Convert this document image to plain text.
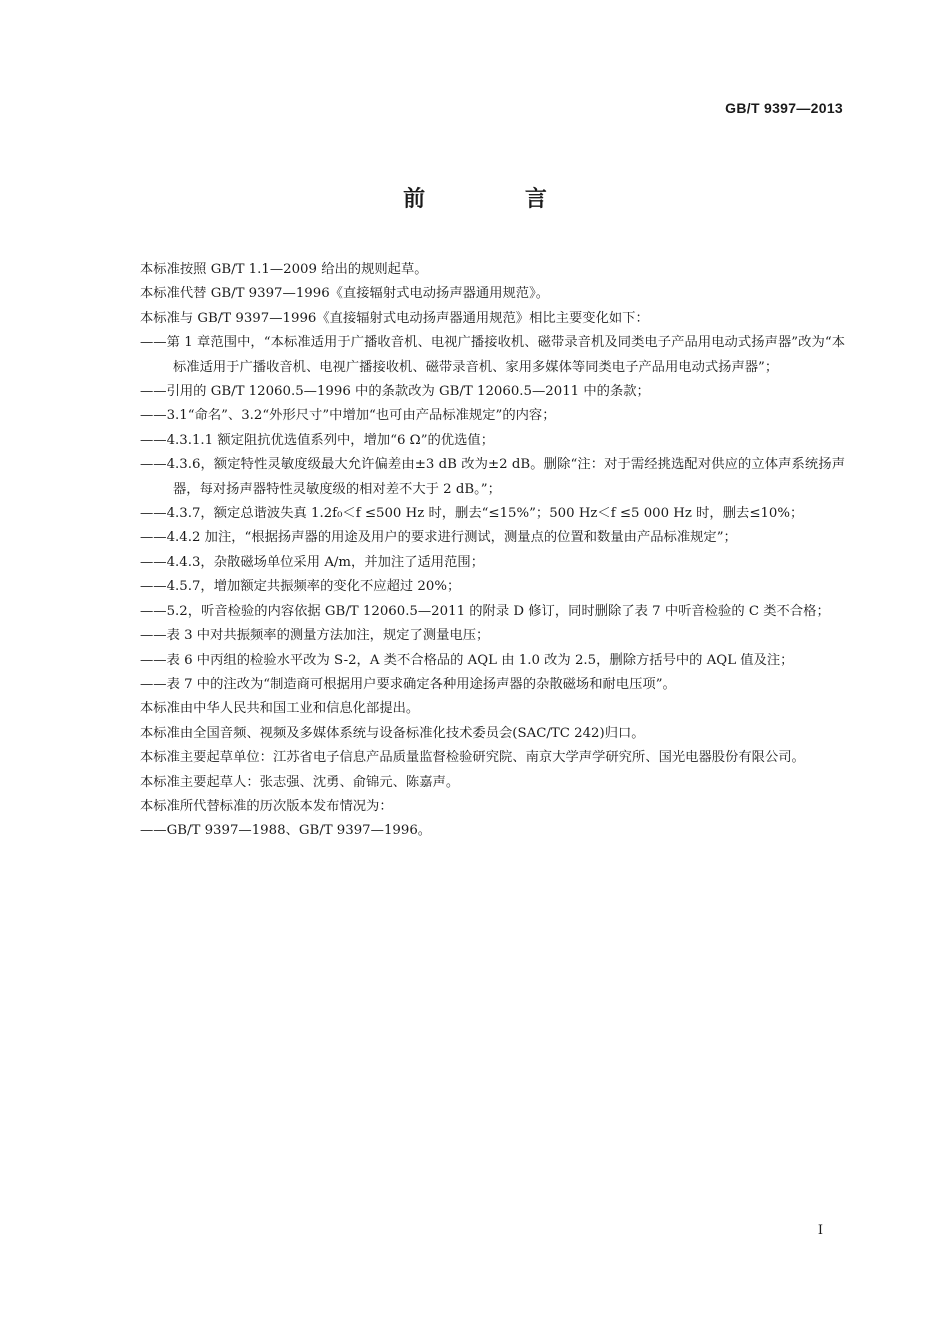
GB/T 9397—2013
前 言

本标准按照 GB/T 1.1—2009 给出的规则起草。

本标准代替 GB/T 9397—1996《直接辐射式电动扬声器通用规范》。

本标准与 GB/T 9397—1996《直接辐射式电动扬声器通用规范》相比主要变化如下：

——第 1 章范围中，“本标准适用于广播收音机、电视广播接收机、磁带录音机及同类电子产品用电动式扬声器”改为“本标准适用于广播收音机、电视广播接收机、磁带录音机、家用多媒体等同类电子产品用电动式扬声器”；

——引用的 GB/T 12060.5—1996 中的条款改为 GB/T 12060.5—2011 中的条款；

——3.1“命名”、3.2“外形尺寸”中增加“也可由产品标准规定”的内容；

——4.3.1.1 额定阻抗优选值系列中，增加“6 Ω”的优选值；

——4.3.6，额定特性灵敏度级最大允许偏差由±3 dB 改为±2 dB。删除“注：对于需经挑选配对供应的立体声系统扬声器，每对扬声器特性灵敏度级的相对差不大于 2 dB。”；

——4.3.7，额定总谐波失真 1.2f₀＜f ≤500 Hz 时，删去“≤15%”；500 Hz＜f ≤5 000 Hz 时，删去≤10%；

——4.4.2 加注，“根据扬声器的用途及用户的要求进行测试，测量点的位置和数量由产品标准规定”；

——4.4.3，杂散磁场单位采用 A/m，并加注了适用范围；

——4.5.7，增加额定共振频率的变化不应超过 20%；

——5.2，听音检验的内容依据 GB/T 12060.5—2011 的附录 D 修订，同时删除了表 7 中听音检验的 C 类不合格；

——表 3 中对共振频率的测量方法加注，规定了测量电压；

——表 6 中丙组的检验水平改为 S-2，A 类不合格品的 AQL 由 1.0 改为 2.5，删除方括号中的 AQL 值及注；

——表 7 中的注改为“制造商可根据用户要求确定各种用途扬声器的杂散磁场和耐电压项”。

本标准由中华人民共和国工业和信息化部提出。

本标准由全国音频、视频及多媒体系统与设备标准化技术委员会(SAC/TC 242)归口。

本标准主要起草单位：江苏省电子信息产品质量监督检验研究院、南京大学声学研究所、国光电器股份有限公司。

本标准主要起草人：张志强、沈勇、俞锦元、陈嘉声。

本标准所代替标准的历次版本发布情况为：

——GB/T 9397—1988、GB/T 9397—1996。

I
